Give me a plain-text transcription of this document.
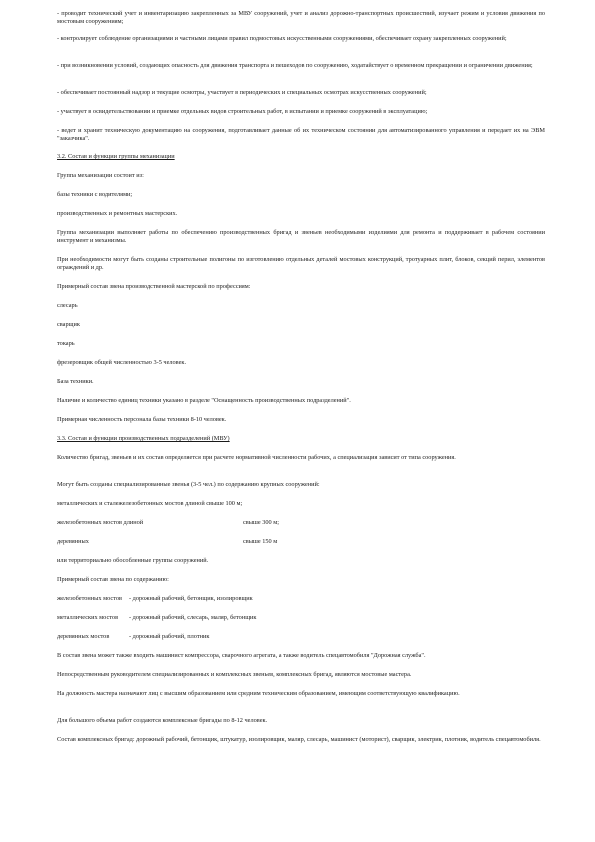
- проводит технический учет и инвентаризацию закрепленных за МВУ сооружений, учет и анализ дорожно-транспортных происшествий, изучает режим и условия движения по мостовым сооружениям;
- контролирует соблюдение организациями и частными лицами правил подмостовых искусственными сооружениями, обеспечивает охрану закрепленных сооружений;
- при возникновении условий, создающих опасность для движения транспорта и пешеходов по сооружению, ходатайствует о временном прекращении и ограничении движения;
- обеспечивает постоянный надзор и текущие осмотры, участвует в периодических и специальных осмотрах искусственных сооружений;
- участвует в освидетельствовании и приемке отдельных видов строительных работ, в испытании и приемке сооружений в эксплуатацию;
- ведет и хранит техническую документацию на сооружения, подготавливает данные об их техническом состоянии для автоматизированного управления и передает их на ЭВМ "заказчика".
3.2. Состав и функции группы механизации
Группа механизации состоит из:
базы техники с водителями;
производственных и ремонтных мастерских.
Группа механизации выполняет работы по обеспечению производственных бригад и звеньев необходимыми изделиями для ремонта и поддерживает в рабочем состоянии инструмент и механизмы.
При необходимости могут быть созданы строительные полигоны по изготовлению отдельных деталей мостовых конструкций, тротуарных плит, блоков, секций перил, элементов ограждений и др.
Примерный состав звена производственной мастерской по профессиям:
слесарь
сварщик
токарь
фрезеровщик общей численностью 3-5 человек.
База техники.
Наличие и количество единиц техники указано в разделе "Оснащенность производственных подразделений".
Примерная численность персонала базы техники 8-10 человек.
3.3. Состав и функции производственных подразделений (МВУ)
Количество бригад, звеньев и их состав определяется при расчете нормативной численности рабочих, а специализация зависит от типа сооружения.
Могут быть созданы специализированные звенья (3-5 чел.) по содержанию крупных сооружений:
металлических и сталежелезобетонных мостов длиной свыше 100 м;
железобетонных мостов длиной	свыше 300 м;
деревянных	свыше 150 м
или территориально обособленные группы сооружений.
Примерный состав звена по содержанию:
железобетонных мостов - дорожный рабочий, бетонщик, изолировщик
металлических мостов - дорожный рабочий, слесарь, маляр, бетонщик
деревянных мостов	- дорожный рабочий, плотник
В состав звена может также входить машинист компрессора, сварочного агрегата, а также водитель спецавтомобиля "Дорожная служба".
Непосредственным руководителем специализированных и комплексных звеньев, комплексных бригад, являются мостовые мастера.
На должность мастера назначают лиц с высшим образованием или средним техническим образованием, имеющим соответствующую квалификацию.
Для большого объема работ создаются комплексные бригады по 8-12 человек.
Состав комплексных бригад: дорожный рабочий, бетонщик, штукатур, изолировщик, маляр, слесарь, машинист (моторист), сварщик, электрик, плотник, водитель спецавтомобиля.
